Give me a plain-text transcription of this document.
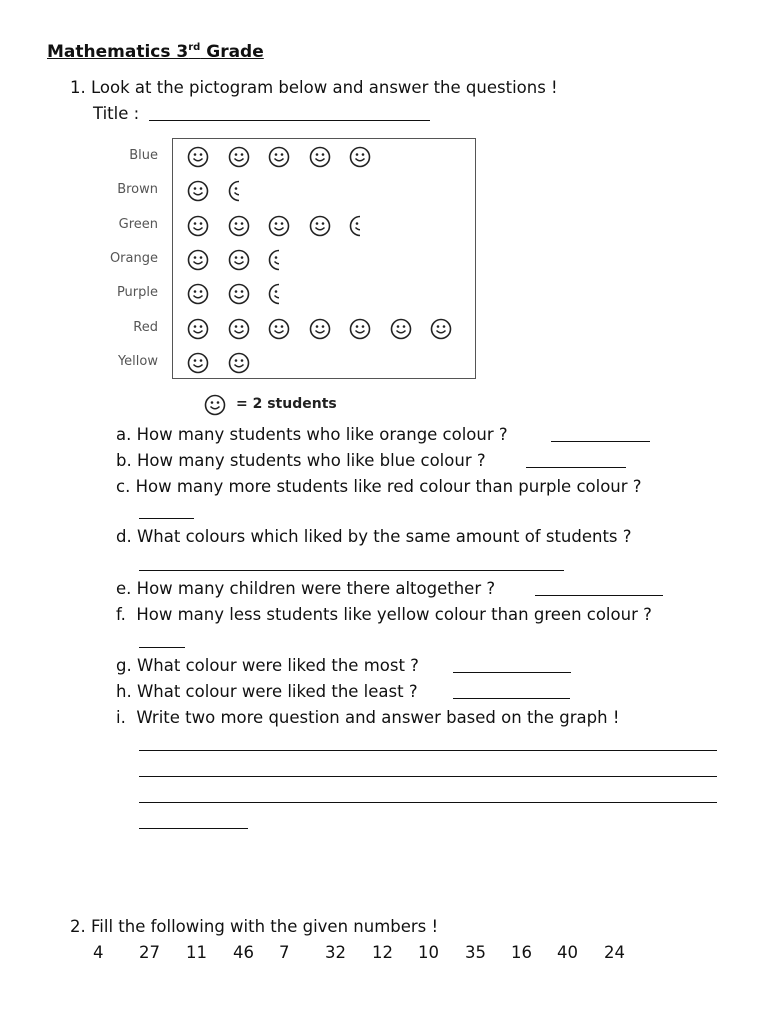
Mathematics 3rd Grade
1. Look at the pictogram below and answer the questions !
Title :
Blue
Brown
Green
Orange
Purple
Red
Yellow
= 2 students
a. How many students who like orange colour ?
b. How many students who like blue colour ?
c. How many more students like red colour than purple colour ?
d. What colours which liked by the same amount of students ?
e. How many children were there altogether ?
f. How many less students like yellow colour than green colour ?
g. What colour were liked the most ?
h. What colour were liked the least ?
i. Write two more question and answer based on the graph !
2. Fill the following with the given numbers !
4 27 11 46 7 32 12 10 35 16 40 24
